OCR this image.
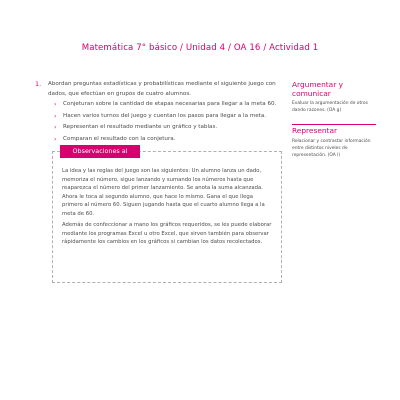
Matemática 7° básico / Unidad 4 / OA 16 / Actividad 1
1. Abordan preguntas estadísticas y probabilísticas mediante el siguiente juego con dados, que efectúan en grupos de cuatro alumnos.
› Conjeturan sobre la cantidad de etapas necesarias para llegar a la meta 60.
› Hacen varios turnos del juego y cuentan los pasos para llegar a la meta.
› Representan el resultado mediante un gráfico y tablas.
› Comparan el resultado con la conjetura.
Observaciones al docente

La idea y las reglas del juego son las siguientes: Un alumno lanza un dado, memoriza el número, sigue lanzando y sumando los números hasta que reaparezca el número del primer lanzamiento. Se anota la suma alcanzada. Ahora le toca al segundo alumno, que hace lo mismo. Gana el que llega primero al número 60. Siguen jugando hasta que el cuarto alumno llega a la meta de 60.

Además de confeccionar a mano los gráficos requeridos, se les puede elaborar mediante los programas Excel u otro Excel, que sirven también para observar rápidamente los cambios en los gráficos si cambian los datos recolectados.

Argumentar y comunicar
Evaluar la argumentación de otros dando razones. (OA g)
Representar
Relacionar y contrastar información entre distintos niveles de representación. (OA l)
